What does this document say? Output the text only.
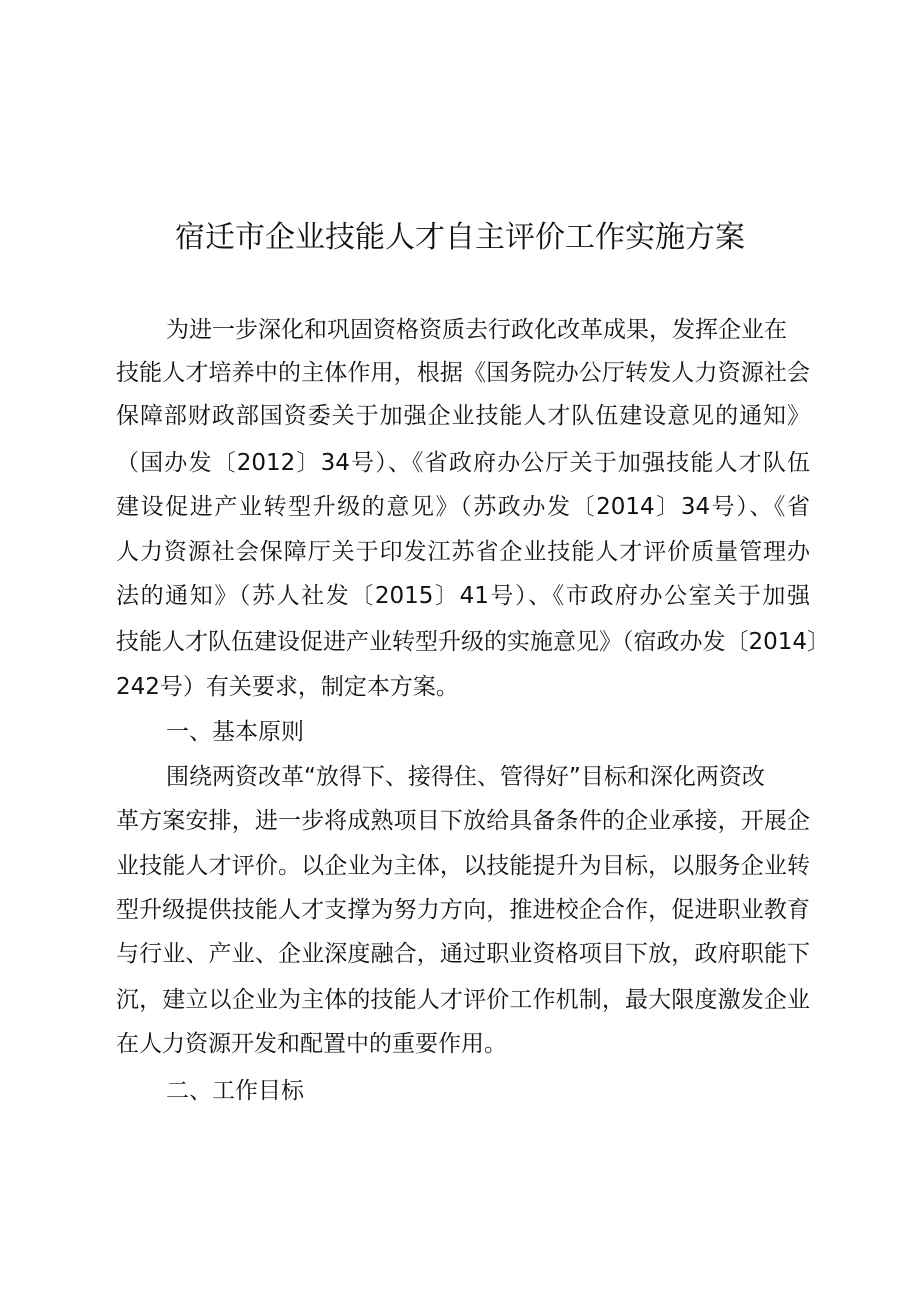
宿迁市企业技能人才自主评价工作实施方案

为进一步深化和巩固资格资质去行政化改革成果，发挥企业在

技能人才培养中的主体作用，根据《国务院办公厅转发人力资源社会

保障部财政部国资委关于加强企业技能人才队伍建设意见的通知》

（国办发〔2012〕34号）、《省政府办公厅关于加强技能人才队伍

建设促进产业转型升级的意见》（苏政办发〔2014〕34号）、《省

人力资源社会保障厅关于印发江苏省企业技能人才评价质量管理办

法的通知》（苏人社发〔2015〕41号）、《市政府办公室关于加强

技能人才队伍建设促进产业转型升级的实施意见》（宿政办发〔2014〕

242号）有关要求，制定本方案。

一、基本原则

围绕两资改革“放得下、接得住、管得好”目标和深化两资改

革方案安排，进一步将成熟项目下放给具备条件的企业承接，开展企

业技能人才评价。以企业为主体，以技能提升为目标，以服务企业转

型升级提供技能人才支撑为努力方向，推进校企合作，促进职业教育

与行业、产业、企业深度融合，通过职业资格项目下放，政府职能下

沉，建立以企业为主体的技能人才评价工作机制，最大限度激发企业

在人力资源开发和配置中的重要作用。

二、工作目标
